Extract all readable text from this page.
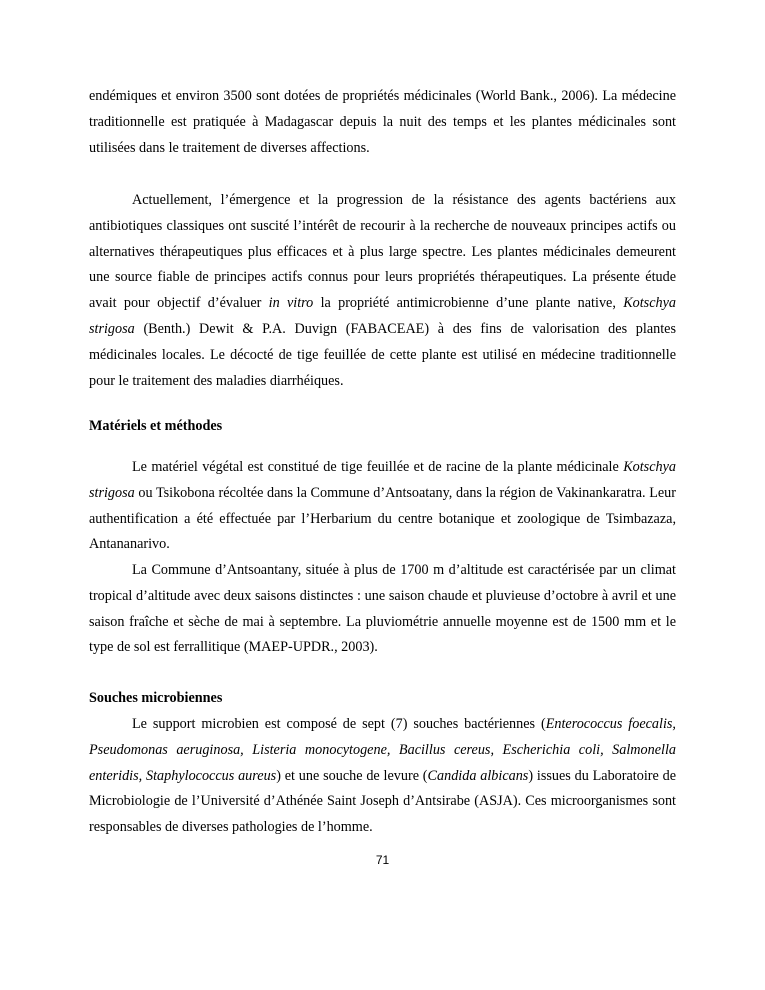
endémiques et environ 3500 sont dotées de propriétés médicinales (World Bank., 2006). La médecine traditionnelle est pratiquée à Madagascar depuis la nuit des temps et les plantes médicinales sont utilisées dans le traitement de diverses affections.

Actuellement, l’émergence et la progression de la résistance des agents bactériens aux antibiotiques classiques ont suscité l’intérêt de recourir à la recherche de nouveaux principes actifs ou alternatives thérapeutiques plus efficaces et à plus large spectre. Les plantes médicinales demeurent une source fiable de principes actifs connus pour leurs propriétés thérapeutiques. La présente étude avait pour objectif d’évaluer in vitro la propriété antimicrobienne d’une plante native, Kotschya strigosa (Benth.) Dewit & P.A. Duvign (FABACEAE) à des fins de valorisation des plantes médicinales locales. Le décocté de tige feuillée de cette plante est utilisé en médecine traditionnelle pour le traitement des maladies diarrhéiques.

Matériels et méthodes

Le matériel végétal est constitué de tige feuillée et de racine de la plante médicinale Kotschya strigosa ou Tsikobona récoltée dans la Commune d’Antsoatany, dans la région de Vakinankaratra. Leur authentification a été effectuée par l’Herbarium du centre botanique et zoologique de Tsimbazaza, Antananarivo.

La Commune d’Antsoantany, située à plus de 1700 m d’altitude est caractérisée par un climat tropical d’altitude avec deux saisons distinctes : une saison chaude et pluvieuse d’octobre à avril et une saison fraîche et sèche de mai à septembre. La pluviométrie annuelle moyenne est de 1500 mm et le type de sol est ferrallitique (MAEP-UPDR., 2003).

Souches microbiennes

Le support microbien est composé de sept (7) souches bactériennes (Enterococcus foecalis, Pseudomonas aeruginosa, Listeria monocytogene, Bacillus cereus, Escherichia coli, Salmonella enteridis, Staphylococcus aureus) et une souche de levure (Candida albicans) issues du Laboratoire de Microbiologie de l’Université d’Athénée Saint Joseph d’Antsirabe (ASJA). Ces microorganismes sont responsables de diverses pathologies de l’homme.

71
